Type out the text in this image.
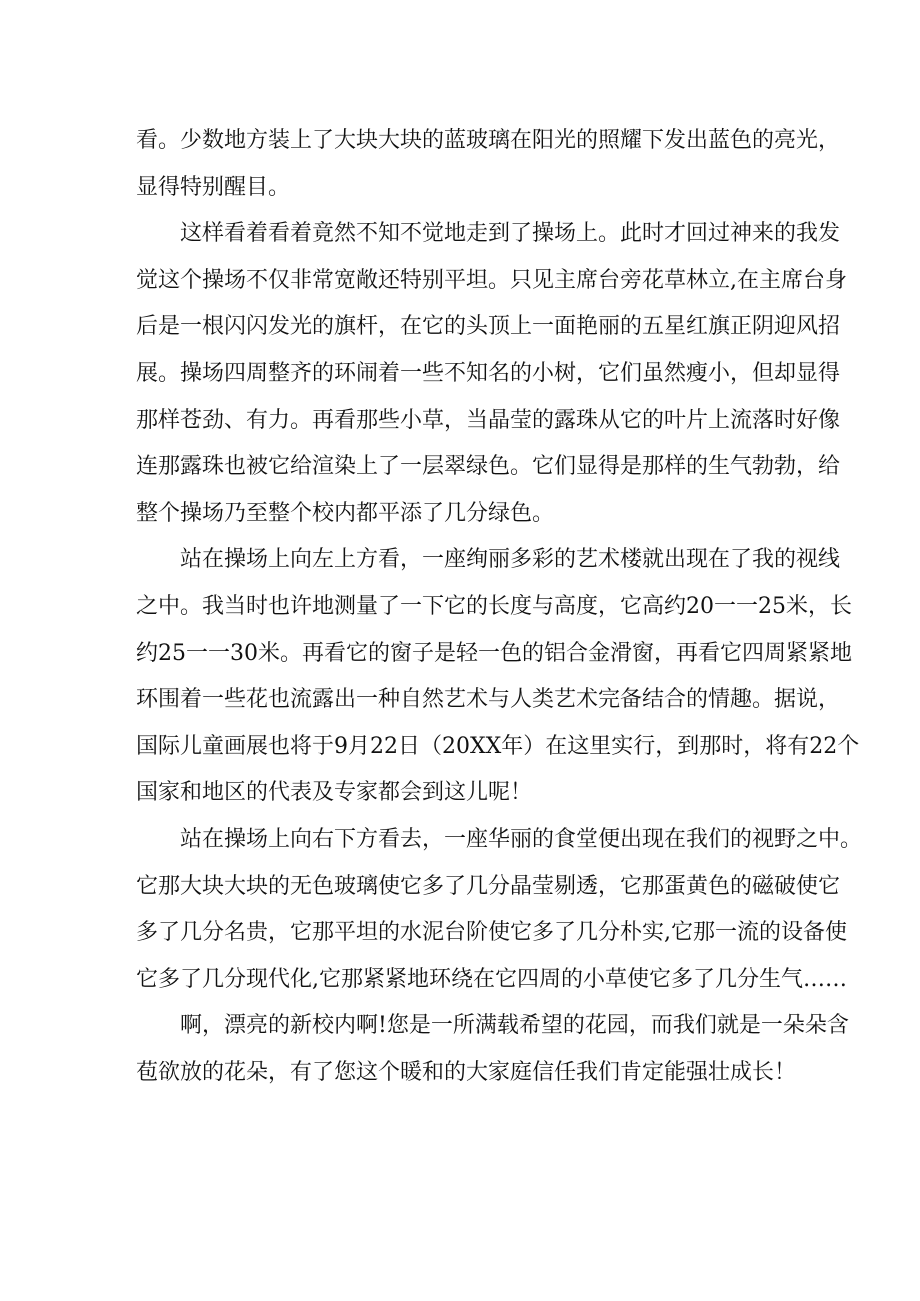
看。少数地方装上了大块大块的蓝玻璃在阳光的照耀下发出蓝色的亮光，
显得特别醒目。
这样看着看着竟然不知不觉地走到了操场上。此时才回过神来的我发
觉这个操场不仅非常宽敞还特别平坦。只见主席台旁花草林立,在主席台身
后是一根闪闪发光的旗杆，在它的头顶上一面艳丽的五星红旗正阴迎风招
展。操场四周整齐的环闹着一些不知名的小树，它们虽然瘦小，但却显得
那样苍劲、有力。再看那些小草，当晶莹的露珠从它的叶片上流落时好像
连那露珠也被它给渲染上了一层翠绿色。它们显得是那样的生气勃勃，给
整个操场乃至整个校内都平添了几分绿色。
站在操场上向左上方看，一座绚丽多彩的艺术楼就出现在了我的视线
之中。我当时也许地测量了一下它的长度与高度，它高约20一一25米，长
约25一一30米。再看它的窗子是轻一色的铝合金滑窗，再看它四周紧紧地
环围着一些花也流露出一种自然艺术与人类艺术完备结合的情趣。据说，
国际儿童画展也将于9月22日（20XX年）在这里实行，到那时，将有22个
国家和地区的代表及专家都会到这儿呢！
站在操场上向右下方看去，一座华丽的食堂便出现在我们的视野之中。
它那大块大块的无色玻璃使它多了几分晶莹剔透，它那蛋黄色的磁破使它
多了几分名贵，它那平坦的水泥台阶使它多了几分朴实,它那一流的设备使
它多了几分现代化,它那紧紧地环绕在它四周的小草使它多了几分生气……
啊，漂亮的新校内啊!您是一所满载希望的花园，而我们就是一朵朵含
苞欲放的花朵，有了您这个暖和的大家庭信任我们肯定能强壮成长！
